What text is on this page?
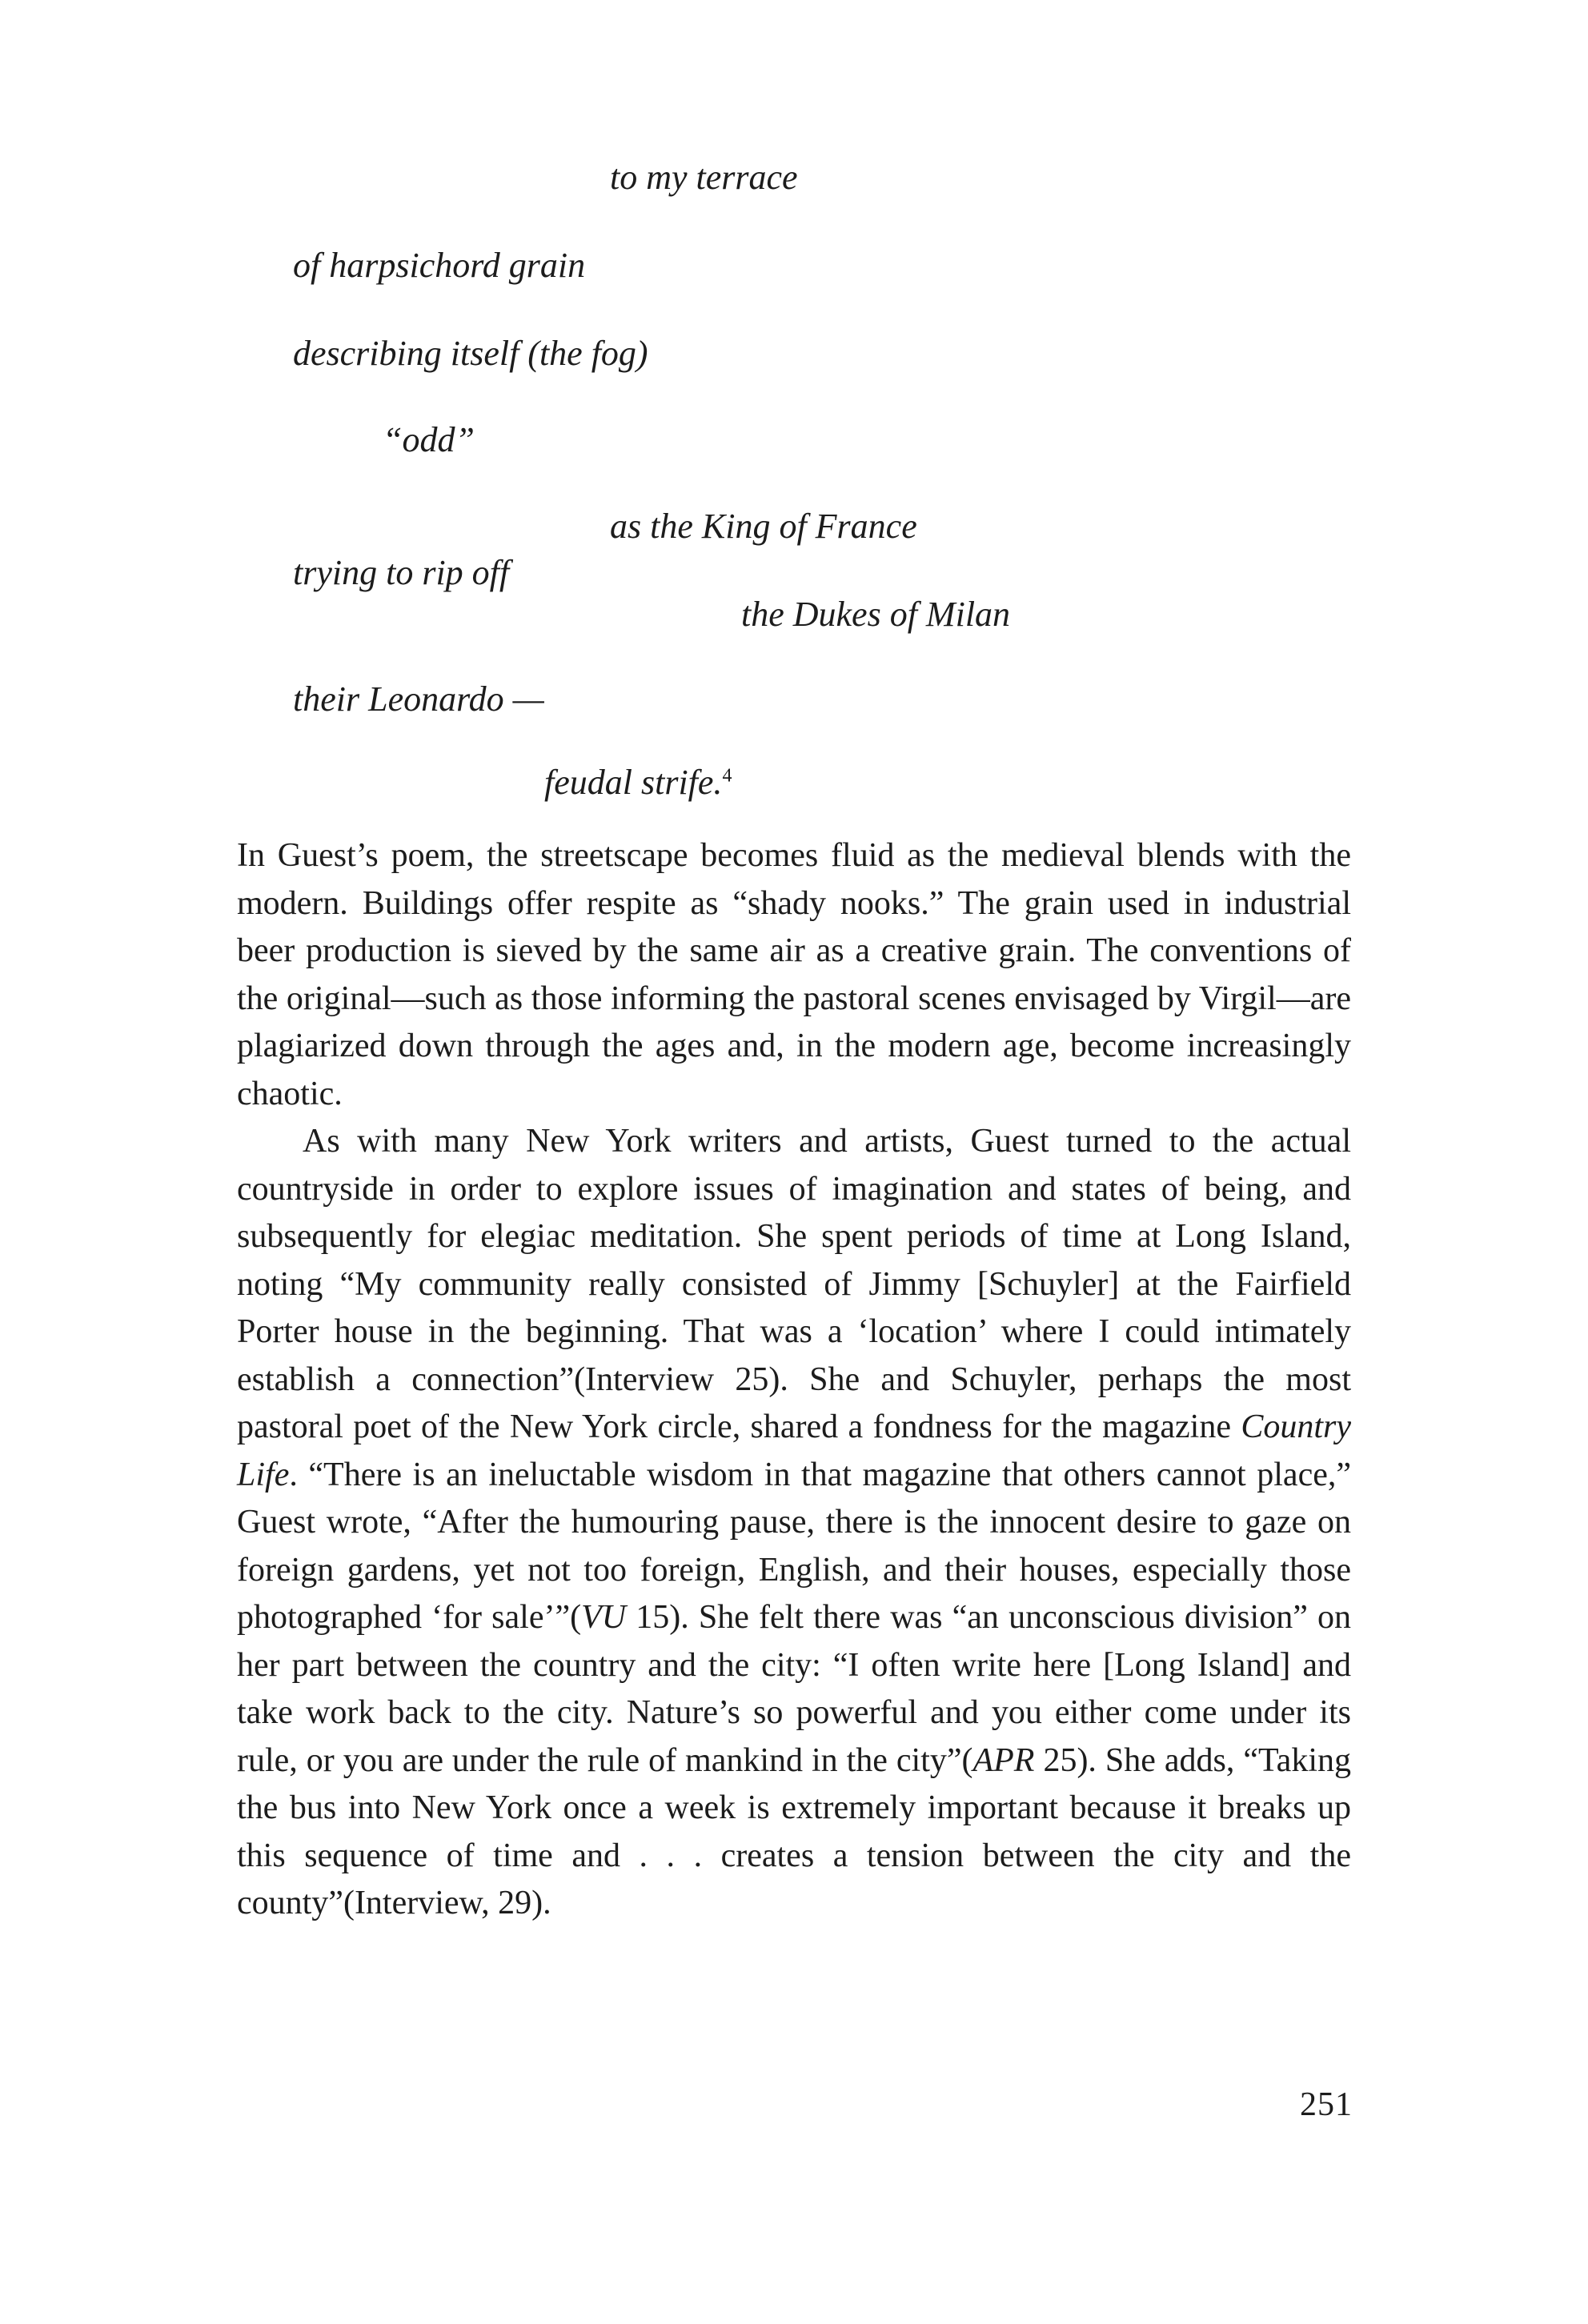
to my terrace
of harpsichord grain
describing itself (the fog)
“odd”
as the King of France
trying to rip off
the Dukes of Milan
their Leonardo —
feudal strife.$^4$

In Guest’s poem, the streetscape becomes fluid as the medieval blends with the modern. Buildings offer respite as “shady nooks.” The grain used in industrial beer production is sieved by the same air as a creative grain. The conventions of the original—such as those informing the pastoral scenes envisaged by Virgil—are plagiarized down through the ages and, in the modern age, become increasingly chaotic.

As with many New York writers and artists, Guest turned to the actual countryside in order to explore issues of imagination and states of being, and subsequently for elegiac meditation. She spent periods of time at Long Island, noting “My community really consisted of Jimmy [Schuyler] at the Fairfield Porter house in the beginning. That was a ‘location’ where I could intimately establish a connection”(Interview 25). She and Schuyler, perhaps the most pastoral poet of the New York circle, shared a fondness for the magazine Country Life. “There is an ineluctable wisdom in that magazine that others cannot place,” Guest wrote, “After the humouring pause, there is the innocent desire to gaze on foreign gardens, yet not too foreign, English, and their houses, especially those photographed ‘for sale’”(VU 15). She felt there was “an unconscious division” on her part between the country and the city: “I often write here [Long Island] and take work back to the city. Nature’s so powerful and you either come under its rule, or you are under the rule of mankind in the city”(APR 25). She adds, “Taking the bus into New York once a week is extremely important because it breaks up this sequence of time and . . . creates a tension between the city and the county”(Interview, 29).

251
